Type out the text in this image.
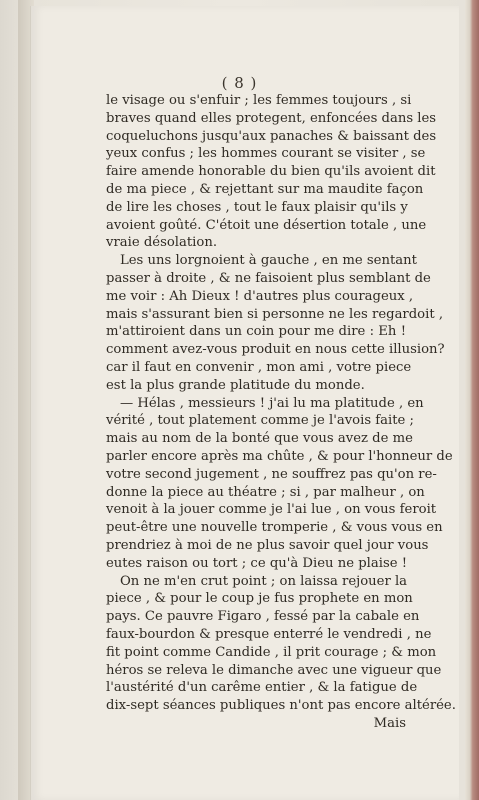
( 8 )
le visage ou s'enfuir ; les femmes toujours , si
braves quand elles protegent, enfoncées dans les
coqueluchons jusqu'aux panaches & baissant des
yeux confus ; les hommes courant se visiter , se
faire amende honorable du bien qu'ils avoient dit
de ma piece , & rejettant sur ma maudite façon
de lire les choses , tout le faux plaisir qu'ils y
avoient goûté. C'étoit une désertion totale , une
vraie désolation.
Les uns lorgnoient à gauche , en me sentant
passer à droite , & ne faisoient plus semblant de
me voir : Ah Dieux ! d'autres plus courageux ,
mais s'assurant bien si personne ne les regardoit ,
m'attiroient dans un coin pour me dire : Eh !
comment avez-vous produit en nous cette illusion?
car il faut en convenir , mon ami , votre piece
est la plus grande platitude du monde.
— Hélas , messieurs ! j'ai lu ma platitude , en
vérité , tout platement comme je l'avois faite ;
mais au nom de la bonté que vous avez de me
parler encore après ma chûte , & pour l'honneur de
votre second jugement , ne souffrez pas qu'on re-
donne la piece au théatre ; si , par malheur , on
venoit à la jouer comme je l'ai lue , on vous feroit
peut-être une nouvelle tromperie , & vous vous en
prendriez à moi de ne plus savoir quel jour vous
eutes raison ou tort ; ce qu'à Dieu ne plaise !
On ne m'en crut point ; on laissa rejouer la
piece , & pour le coup je fus prophete en mon
pays. Ce pauvre Figaro , fessé par la cabale en
faux-bourdon & presque enterré le vendredi , ne
fit point comme Candide , il prit courage ; & mon
héros se releva le dimanche avec une vigueur que
l'austérité d'un carême entier , & la fatigue de
dix-sept séances publiques n'ont pas encore altérée.
Mais
